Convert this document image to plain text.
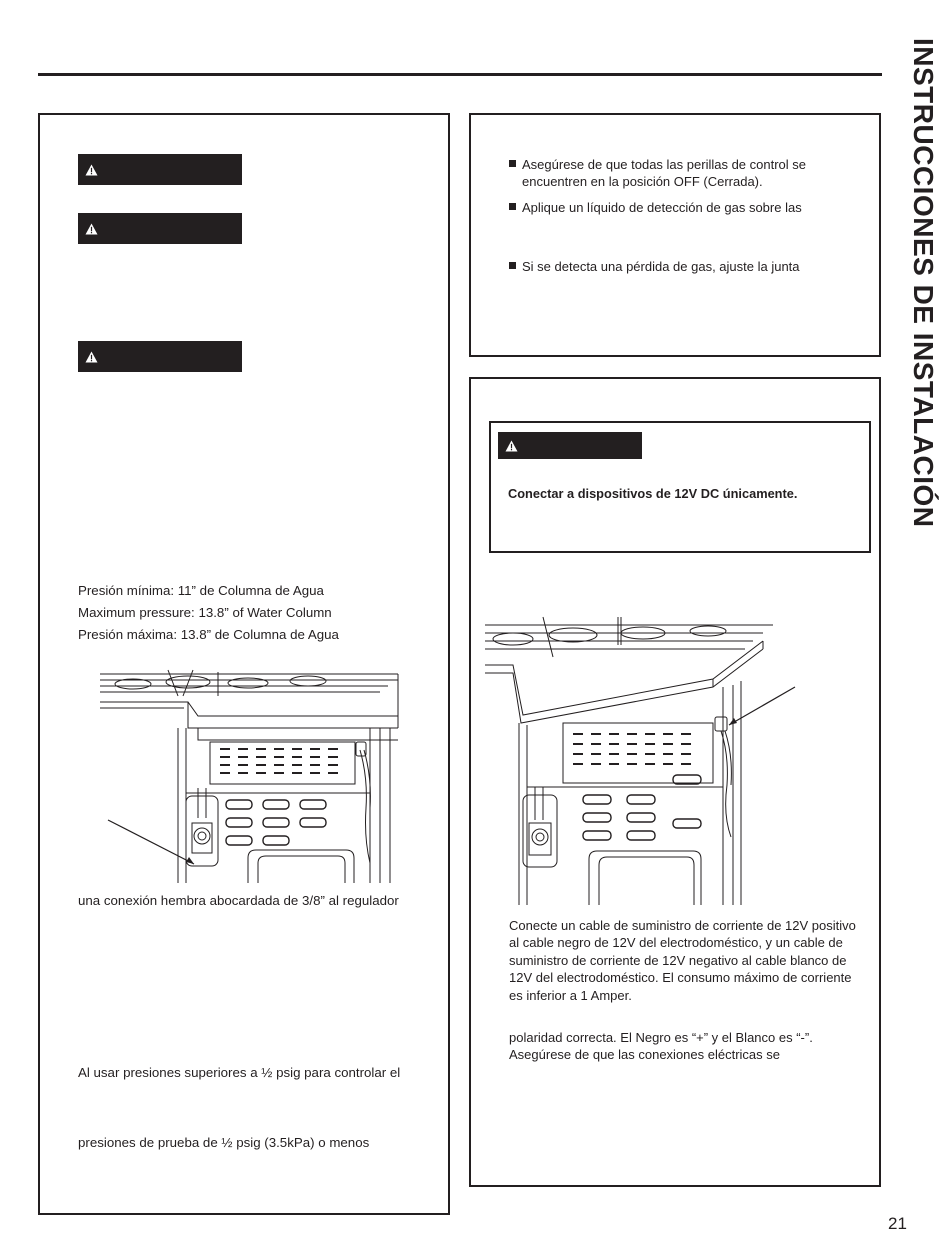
INSTRUCCIONES DE INSTALACIÓN
Presión mínima: 11” de Columna de Agua
Maximum pressure: 13.8” of Water Column
Presión máxima: 13.8” de Columna de Agua
una conexión hembra abocardada de 3/8” al regulador
Al usar presiones superiores a ½ psig para controlar el
presiones de prueba de ½ psig (3.5kPa) o menos
Asegúrese de que todas las perillas de control se encuentren en la posición OFF (Cerrada).
Aplique un líquido de detección de gas sobre las
Si se detecta una pérdida de gas, ajuste la junta
Conectar a dispositivos de 12V DC únicamente.
Conecte un cable de suministro de corriente de 12V positivo al cable negro de 12V del electrodoméstico, y un cable de suministro de corriente de 12V negativo al cable blanco de 12V del electrodoméstico. El consumo máximo de corriente es inferior a 1 Amper.
polaridad correcta. El Negro es “+” y el Blanco es “-”. Asegúrese de que las conexiones eléctricas se
21
